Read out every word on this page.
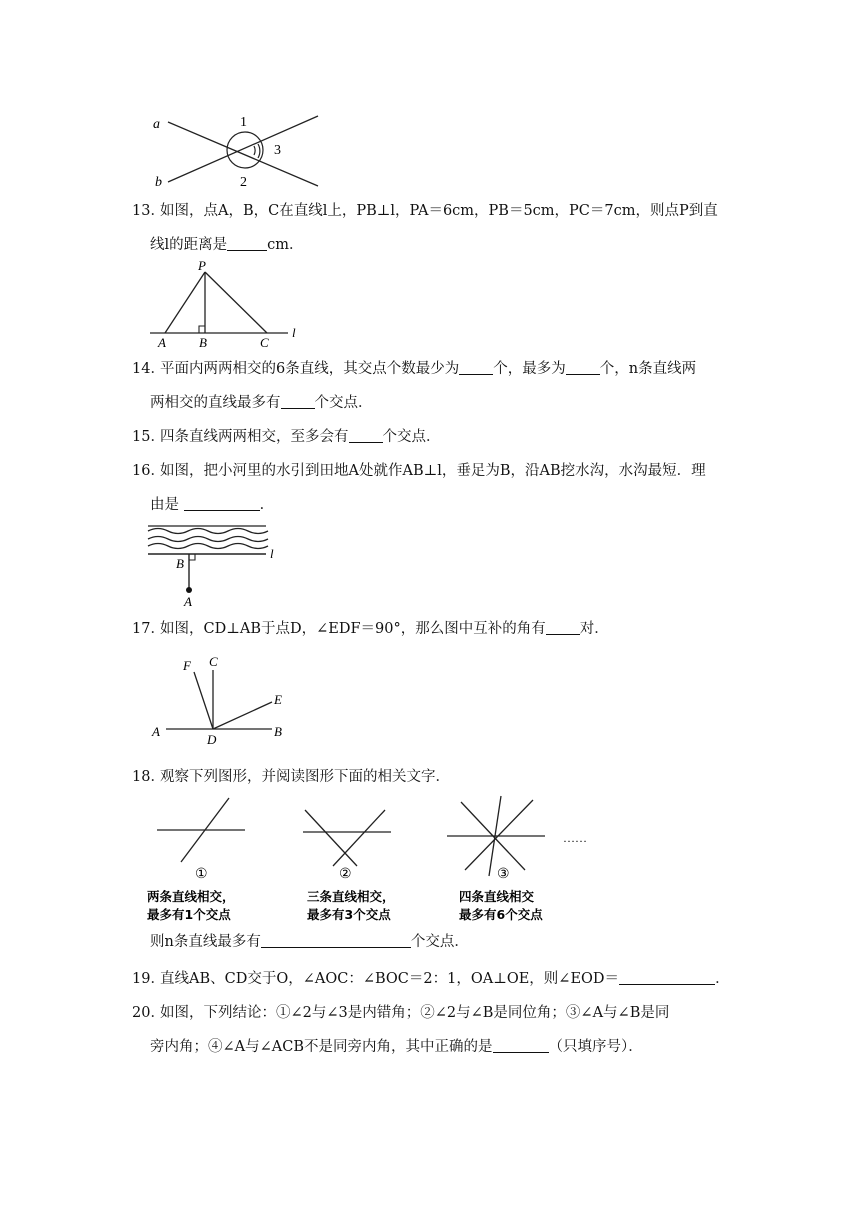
a
b
1
2
3
13．
如图，点A，B，C在直线l上，PB⊥l，PA＝6cm，PB＝5cm，PC＝7cm，则点P到直
线l的距离是	cm．
P
A	B	C
l
14．
平面内两两相交的6条直线，其交点个数最少为 个，最多为 个，n条直线两
两相交的直线最多有 个交点．
15．
四条直线两两相交，至多会有 个交点．
16．
如图，把小河里的水引到田地A处就作AB⊥l，垂足为B，沿AB挖水沟，水沟最短．理
由是	．
B
A
l
17．
如图，CD⊥AB于点D，∠EDF＝90°，那么图中互补的角有 对．
F C
E
A
D
B
18．
观察下列图形，并阅读图形下面的相关文字．
①
两条直线相交，
最多有1个交点
②
三条直线相交，
最多有3个交点
③
四条直线相交
最多有6个交点
……
则n条直线最多有	个交点．
19．
直线AB、CD交于O，∠AOC：∠BOC＝2：1，OA⊥OE，则∠EOD＝	．
20．
如图，下列结论：①∠2与∠3是内错角；②∠2与∠B是同位角；③∠A与∠B是同
旁内角；④∠A与∠ACB不是同旁内角，其中正确的是	（只填序号）．
